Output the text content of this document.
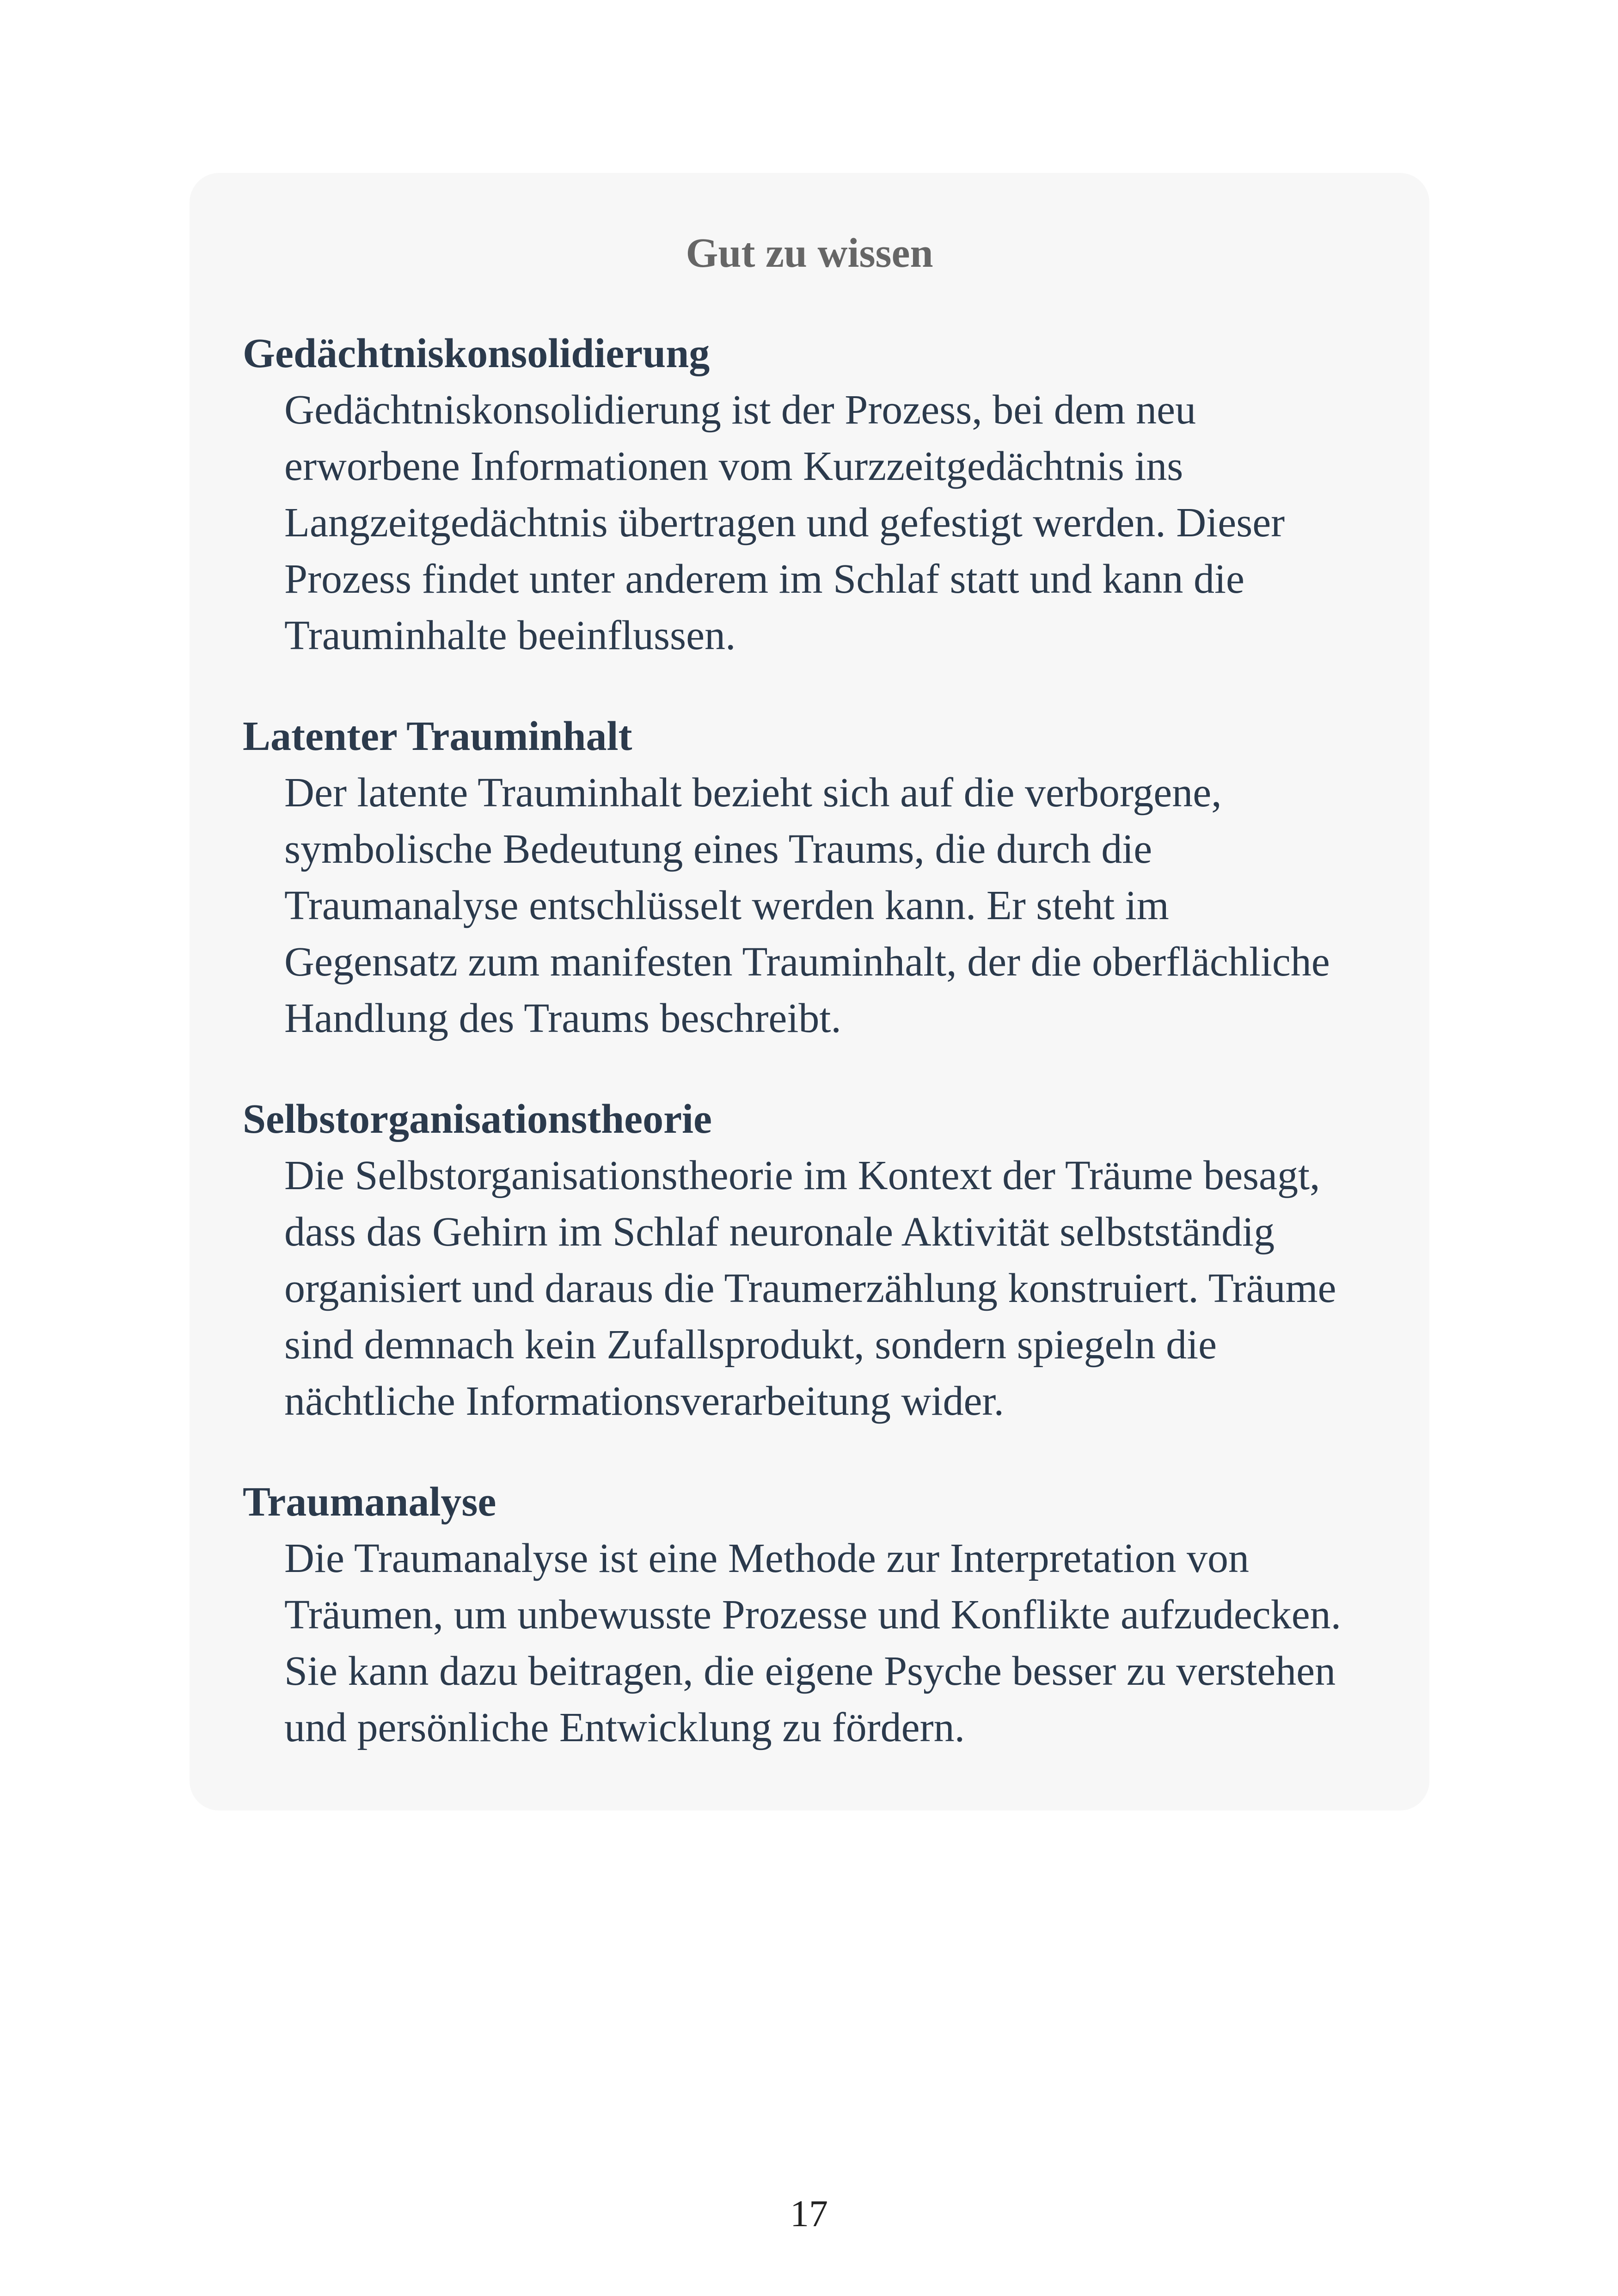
Gut zu wissen
Gedächtniskonsolidierung
Gedächtniskonsolidierung ist der Prozess, bei dem neu
erworbene Informationen vom Kurzzeitgedächtnis ins
Langzeitgedächtnis übertragen und gefestigt werden. Dieser
Prozess findet unter anderem im Schlaf statt und kann die
Trauminhalte beeinflussen.
Latenter Trauminhalt
Der latente Trauminhalt bezieht sich auf die verborgene,
symbolische Bedeutung eines Traums, die durch die
Traumanalyse entschlüsselt werden kann. Er steht im
Gegensatz zum manifesten Trauminhalt, der die oberflächliche
Handlung des Traums beschreibt.
Selbstorganisationstheorie
Die Selbstorganisationstheorie im Kontext der Träume besagt,
dass das Gehirn im Schlaf neuronale Aktivität selbstständig
organisiert und daraus die Traumerzählung konstruiert. Träume
sind demnach kein Zufallsprodukt, sondern spiegeln die
nächtliche Informationsverarbeitung wider.
Traumanalyse
Die Traumanalyse ist eine Methode zur Interpretation von
Träumen, um unbewusste Prozesse und Konflikte aufzudecken.
Sie kann dazu beitragen, die eigene Psyche besser zu verstehen
und persönliche Entwicklung zu fördern.
17
